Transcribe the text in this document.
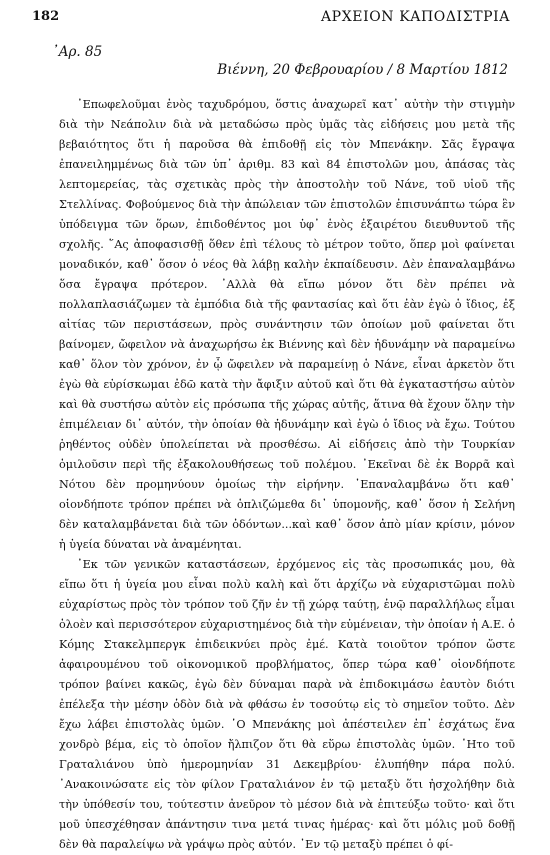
182	ΑΡΧΕΙΟΝ ΚΑΠΟΔΙΣΤΡΙΑ
᾽Αρ. 85
Βιέννη, 20 Φεβρουαρίου / 8 Μαρτίου 1812

᾽Επωφελοῦμαι ἑνὸς ταχυδρόμου, ὅστις ἀναχωρεῖ κατ᾽ αὐτὴν τὴν στιγμὴν διὰ τὴν Νεάπολιν διὰ νὰ μεταδώσω πρὸς ὑμᾶς τὰς εἰδήσεις μου μετὰ τῆς βεβαιότητος ὅτι ἡ παροῦσα θὰ ἐπιδοθῇ εἰς τὸν Μπενάκην. Σᾶς ἔγραψα ἐπανειλημμένως διὰ τῶν ὑπ᾽ ἀριθμ. 83 καὶ 84 ἐπιστολῶν μου, ἁπάσας τὰς λεπτομερείας, τὰς σχετικὰς πρὸς τὴν ἀποστολὴν τοῦ Νάνε, τοῦ υἱοῦ τῆς Στελλίνας. Φοβούμενος διὰ τὴν ἀπώλειαν τῶν ἐπιστολῶν ἐπισυνάπτω τώρα ἓν ὑπόδειγμα τῶν ὅρων, ἐπιδοθέντος μοι ὑφ᾽ ἑνὸς ἐξαιρέτου διευθυντοῦ τῆς σχολῆς. ῞Ας ἀποφασισθῇ ὅθεν ἐπὶ τέλους τὸ μέτρον τοῦτο, ὅπερ μοὶ φαίνεται μοναδικόν, καθ᾽ ὅσον ὁ νέος θὰ λάβῃ καλὴν ἐκπαίδευσιν. Δὲν ἐπαναλαμβάνω ὅσα ἔγραψα πρότερον. ᾽Αλλὰ θὰ εἴπω μόνον ὅτι δὲν πρέπει νὰ πολλαπλασιάζωμεν τὰ ἐμπόδια διὰ τῆς φαντασίας καὶ ὅτι ἐὰν ἐγὼ ὁ ἴδιος, ἐξ αἰτίας τῶν περιστάσεων, πρὸς συνάντησιν τῶν ὁποίων μοῦ φαίνεται ὅτι βαίνομεν, ὤφειλον νὰ ἀναχωρήσω ἐκ Βιέννης καὶ δὲν ἠδυνάμην νὰ παραμείνω καθ᾽ ὅλον τὸν χρόνον, ἐν ᾧ ὤφειλεν νὰ παραμείνῃ ὁ Νάνε, εἶναι ἀρκετὸν ὅτι ἐγὼ θὰ εὑρίσκωμαι ἐδῶ κατὰ τὴν ἄφιξιν αὐτοῦ καὶ ὅτι θὰ ἐγκαταστήσω αὐτὸν καὶ θὰ συστήσω αὐτὸν εἰς πρόσωπα τῆς χώρας αὐτῆς, ἅτινα θὰ ἔχουν ὅλην τὴν ἐπιμέλειαν δι᾽ αὐτόν, τὴν ὁποίαν θὰ ἠδυνάμην καὶ ἐγὼ ὁ ἴδιος νὰ ἔχω. Τούτου ῥηθέντος οὐδὲν ὑπολείπεται νὰ προσθέσω. Αἱ εἰδήσεις ἀπὸ τὴν Τουρκίαν ὁμιλοῦσιν περὶ τῆς ἐξακολουθήσεως τοῦ πολέμου. ᾽Εκεῖναι δὲ ἐκ Βορρᾶ καὶ Νότου δὲν προμηνύουν ὁμοίως τὴν εἰρήνην. ᾽Επαναλαμβάνω ὅτι καθ᾽ οἱονδήποτε τρόπον πρέπει νὰ ὁπλιζώμεθα δι᾽ ὑπομονῆς, καθ᾽ ὅσον ἡ Σελήνη δὲν καταλαμβάνεται διὰ τῶν ὀδόντων...καὶ καθ᾽ ὅσον ἀπὸ μίαν κρίσιν, μόνον ἡ ὑγεία δύναται νὰ ἀναμένηται.

᾽Εκ τῶν γενικῶν καταστάσεων, ἐρχόμενος εἰς τὰς προσωπικάς μου, θὰ εἴπω ὅτι ἡ ὑγεία μου εἶναι πολὺ καλὴ καὶ ὅτι ἀρχίζω νὰ εὐχαριστῶμαι πολὺ εὐχαρίστως πρὸς τὸν τρόπον τοῦ ζῆν ἐν τῇ χώρᾳ ταύτῃ, ἐνῷ παραλλήλως εἶμαι ὁλοὲν καὶ περισσότερον εὐχαριστημένος διὰ τὴν εὐμένειαν, τὴν ὁποίαν ἡ Α.Ε. ὁ Κόμης Στακελμπεργκ ἐπιδεικνύει πρὸς ἐμέ. Κατὰ τοιοῦτον τρόπον ὥστε ἀφαιρουμένου τοῦ οἰκονομικοῦ προβλήματος, ὅπερ τώρα καθ᾽ οἱονδήποτε τρόπον βαίνει κακῶς, ἐγὼ δὲν δύναμαι παρὰ νὰ ἐπιδοκιμάσω ἐαυτὸν διότι ἐπέλεξα τὴν μέσην ὁδὸν διὰ νὰ φθάσω ἐν τοσούτῳ εἰς τὸ σημεῖον τοῦτο. Δὲν ἔχω λάβει ἐπιστολὰς ὑμῶν. ῾Ο Μπενάκης μοὶ ἀπέστειλεν ἐπ᾽ ἐσχάτως ἕνα χονδρὸ βέμα, εἰς τὸ ὁποῖον ἤλπιζον ὅτι θὰ εὕρω ἐπιστολὰς ὑμῶν. ῾Ητο τοῦ Γραταλιάνου ὑπὸ ἡμερομηνίαν 31 Δεκεμβρίου· ἐλυπήθην πάρα πολύ. ᾽Ανακοινώσατε εἰς τὸν φίλον Γραταλιάνον ἐν τῷ μεταξὺ ὅτι ἠσχολήθην διὰ τὴν ὑπόθεσίν του, τούτεστιν ἀνεῦρον τὸ μέσον διὰ νὰ ἐπιτεύξω τοῦτο· καὶ ὅτι μοῦ ὑπεσχέθησαν ἀπάντησιν τινα μετά τινας ἡμέρας· καὶ ὅτι μόλις μοῦ δοθῇ δὲν θὰ παραλείψω νὰ γράψω πρὸς αὐτόν. ᾽Εν τῷ μεταξὺ πρέπει ὁ φί-
